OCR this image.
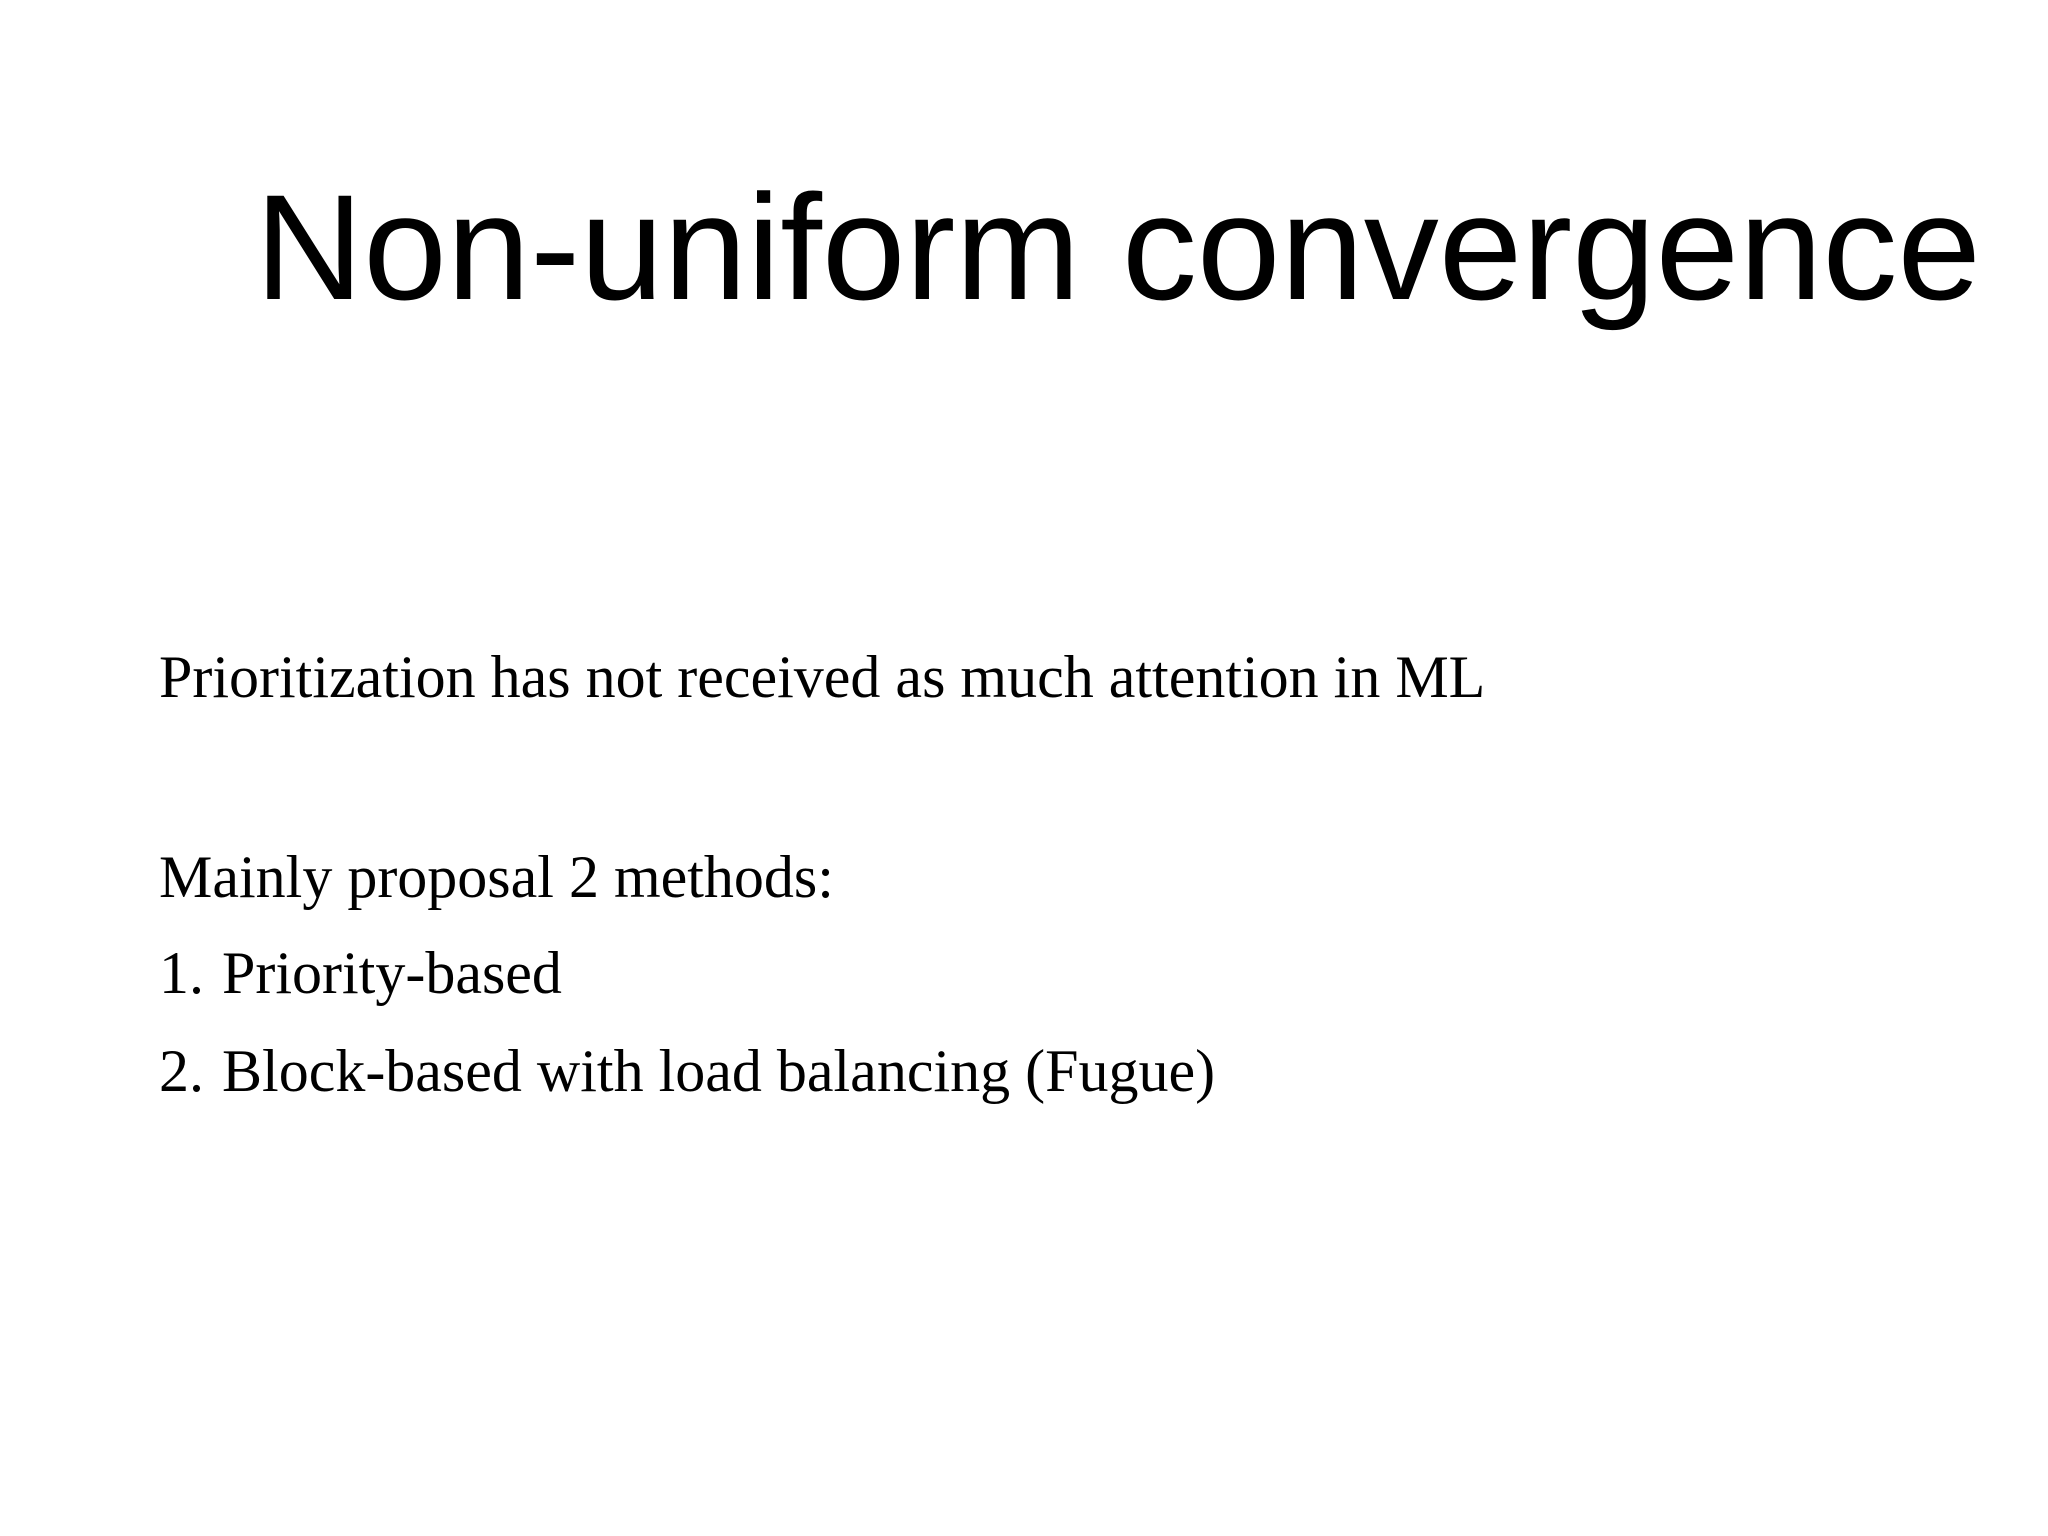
Non-uniform convergence

Prioritization has not received as much attention in ML

Mainly proposal 2 methods:

1. Priority-based
2. Block-based with load balancing (Fugue)
